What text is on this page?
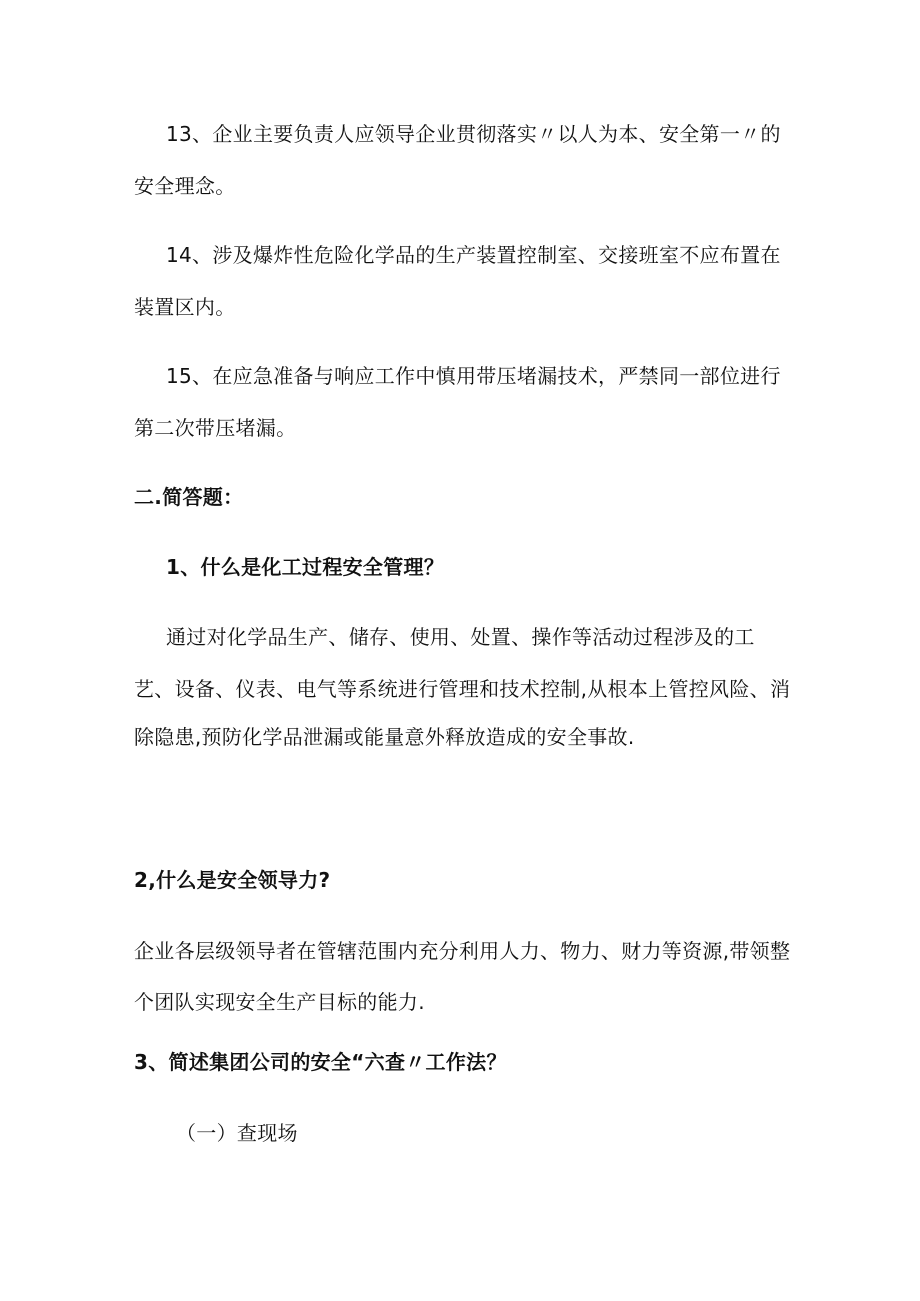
13、企业主要负责人应领导企业贯彻落实〃以人为本、安全第一〃的
安全理念。
14、涉及爆炸性危险化学品的生产装置控制室、交接班室不应布置在
装置区内。
15、在应急准备与响应工作中慎用带压堵漏技术，严禁同一部位进行
第二次带压堵漏。
二.简答题：
1、什么是化工过程安全管理？
通过对化学品生产、储存、使用、处置、操作等活动过程涉及的工
艺、设备、仪表、电气等系统进行管理和技术控制,从根本上管控风险、消
除隐患,预防化学品泄漏或能量意外释放造成的安全事故.
2,什么是安全领导力?
企业各层级领导者在管辖范围内充分利用人力、物力、财力等资源,带领整
个团队实现安全生产目标的能力.
3、简述集团公司的安全“六查〃工作法？
（一）查现场
